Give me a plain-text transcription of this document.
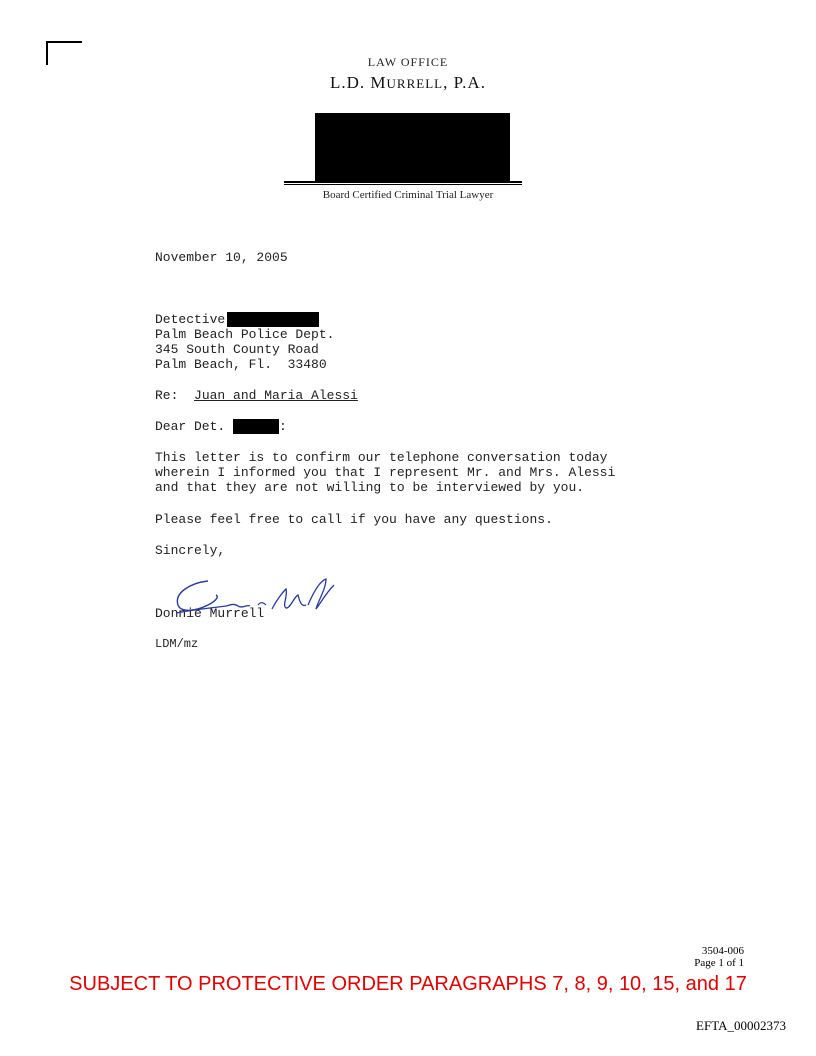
LAW OFFICE
L.D. MURRELL, P.A.
Board Certified Criminal Trial Lawyer
November 10, 2005
Detective
Palm Beach Police Dept.
345 South County Road
Palm Beach, Fl.  33480
Re: Juan and Maria Alessi
Dear Det.	:
This letter is to confirm our telephone conversation today
wherein I informed you that I represent Mr. and Mrs. Alessi
and that they are not willing to be interviewed by you.
Please feel free to call if you have any questions.
Sincrely,
Donnie Murrell
LDM/mz
3504-006
Page 1 of 1
SUBJECT TO PROTECTIVE ORDER PARAGRAPHS 7, 8, 9, 10, 15, and 17
EFTA_00002373
